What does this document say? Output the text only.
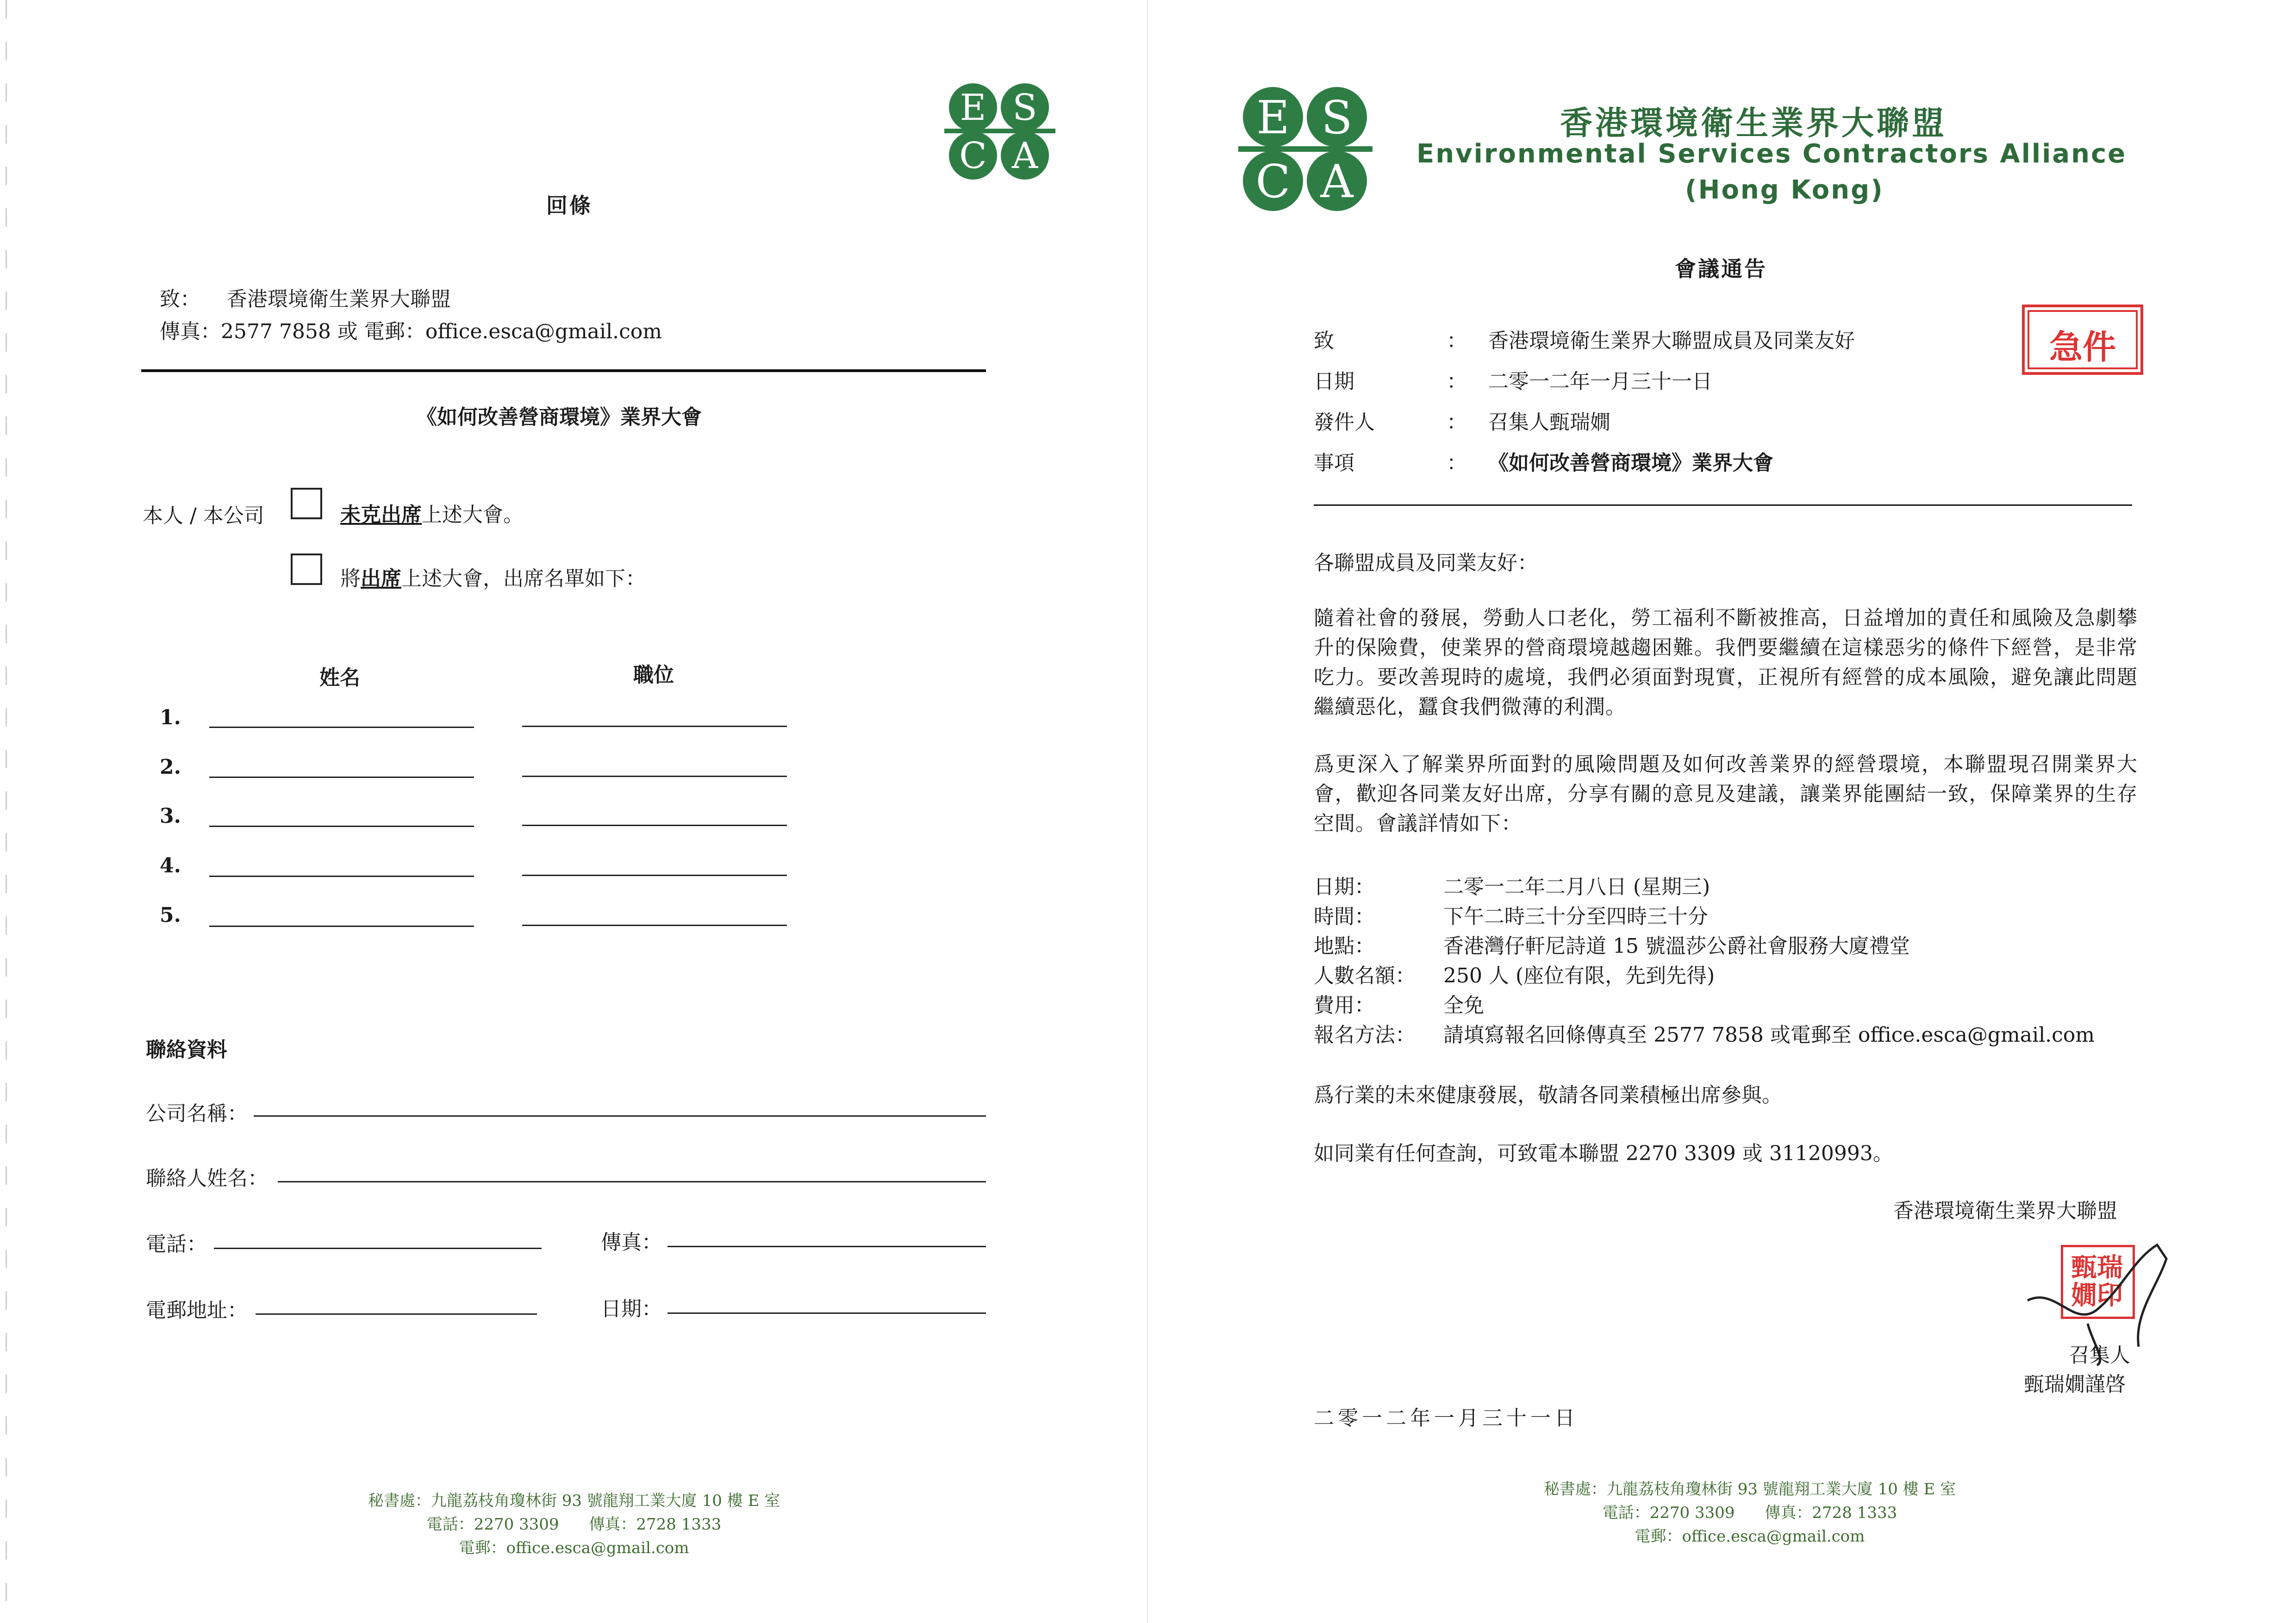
E S
C A
回條
致： 香港環境衛生業界大聯盟
傳真：2577 7858 或 電郵：office.esca@gmail.com
《如何改善營商環境》業界大會
本人 / 本公司	未克出席上述大會。
將出席上述大會，出席名單如下：
姓名	職位
1.
2.
3.
4.
5.
聯絡資料
公司名稱：
聯絡人姓名：
電話：	傳真：
電郵地址：	日期：
秘書處：九龍荔枝角瓊林街 93 號龍翔工業大廈 10 樓 E 室
電話：2270 3309      傳真：2728 1333
電郵：office.esca@gmail.com
E S
C A
香港環境衛生業界大聯盟
Environmental Services Contractors Alliance
(Hong Kong)
會議通告
急件
致	： 香港環境衛生業界大聯盟成員及同業友好
日期	： 二零一二年一月三十一日
發件人	： 召集人甄瑞嫺
事項	： 《如何改善營商環境》業界大會
各聯盟成員及同業友好：
隨着社會的發展，勞動人口老化，勞工福利不斷被推高，日益增加的責任和風險及急劇攀升的保險費，使業界的營商環境越趨困難。我們要繼續在這樣惡劣的條件下經營，是非常吃力。要改善現時的處境，我們必須面對現實，正視所有經營的成本風險，避免讓此問題繼續惡化，蠶食我們微薄的利潤。
爲更深入了解業界所面對的風險問題及如何改善業界的經營環境，本聯盟現召開業界大會，歡迎各同業友好出席，分享有關的意見及建議，讓業界能團結一致，保障業界的生存空間。會議詳情如下：
日期：	二零一二年二月八日 (星期三)
時間：	下午二時三十分至四時三十分
地點：	香港灣仔軒尼詩道 15 號溫莎公爵社會服務大廈禮堂
人數名額： 250 人 (座位有限，先到先得)
費用：	全免
報名方法： 請填寫報名回條傳真至 2577 7858 或電郵至 office.esca@gmail.com
爲行業的未來健康發展，敬請各同業積極出席參與。
如同業有任何查詢，可致電本聯盟 2270 3309 或 31120993。
香港環境衛生業界大聯盟
甄瑞嫺印
召集人
甄瑞嫺謹啓
二零一二年一月三十一日
秘書處：九龍荔枝角瓊林街 93 號龍翔工業大廈 10 樓 E 室
電話：2270 3309      傳真：2728 1333
電郵：office.esca@gmail.com
